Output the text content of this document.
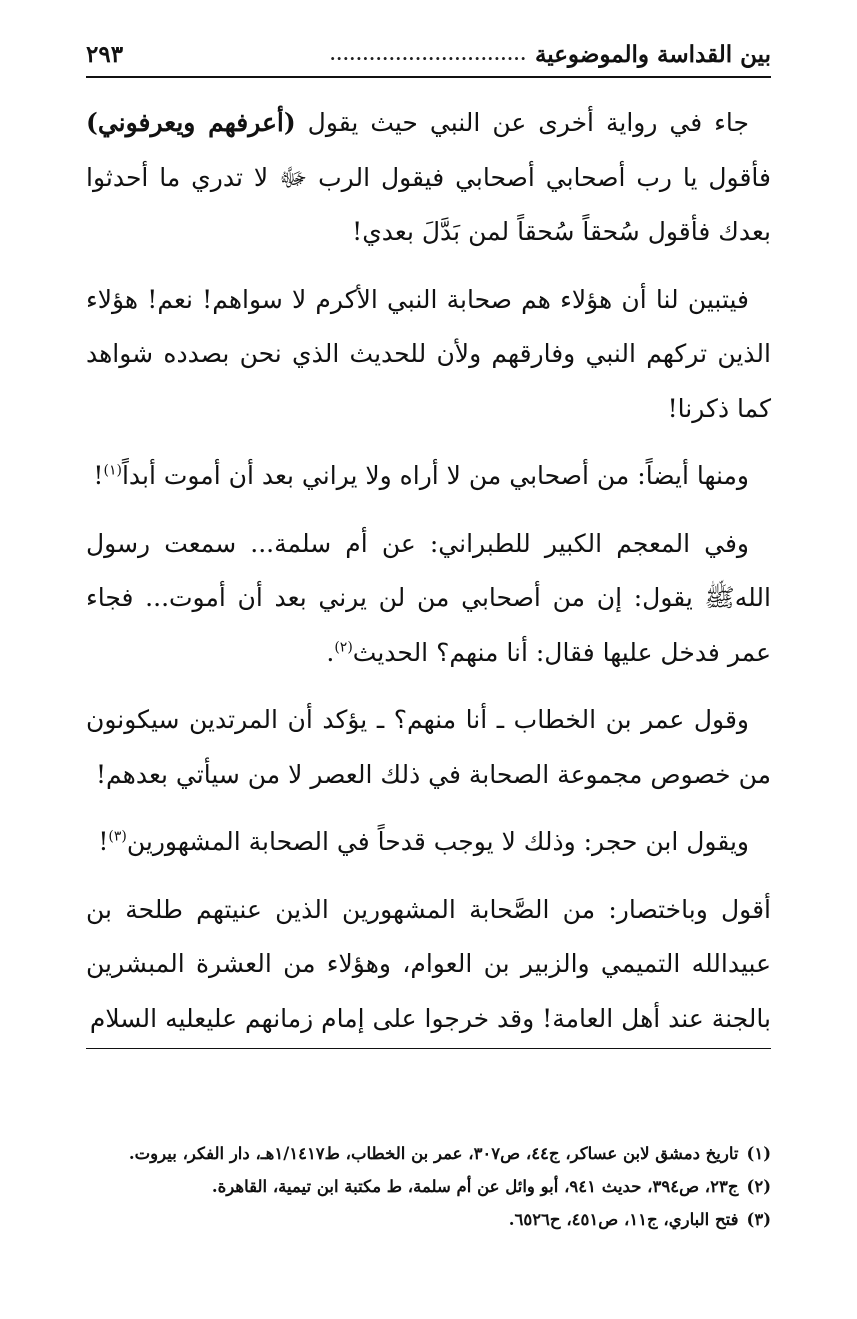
بين القداسة والموضوعية
..............................
٢٩٣

جاء في رواية أخرى عن النبي حيث يقول (أعرفهم ويعرفوني) فأقول يا رب أصحابي أصحابي فيقول الرب ﷻ لا تدري ما أحدثوا بعدك فأقول سُحقاً سُحقاً لمن بَدَّلَ بعدي!

فيتبين لنا أن هؤلاء هم صحابة النبي الأكرم لا سواهم! نعم! هؤلاء الذين تركهم النبي وفارقهم ولأن للحديث الذي نحن بصدده شواهد كما ذكرنا!

ومنها أيضاً: من أصحابي من لا أراه ولا يراني بعد أن أموت أبداً$^{(١)}$!

وفي المعجم الكبير للطبراني: عن أم سلمة... سمعت رسول اللهﷺ يقول: إن من أصحابي من لن يرني بعد أن أموت... فجاء عمر فدخل عليها فقال: أنا منهم؟ الحديث$^{(٢)}$.

وقول عمر بن الخطاب ـ أنا منهم؟ ـ يؤكد أن المرتدين سيكونون من خصوص مجموعة الصحابة في ذلك العصر لا من سيأتي بعدهم!

ويقول ابن حجر: وذلك لا يوجب قدحاً في الصحابة المشهورين$^{(٣)}$!

أقول وباختصار: من الصَّحابة المشهورين الذين عنيتهم طلحة بن عبيدالله التميمي والزبير بن العوام، وهؤلاء من العشرة المبشرين بالجنة عند أهل العامة! وقد خرجوا على إمام زمانهم عليعليه السلام

(١)تاريخ دمشق لابن عساكر، ج٤٤، ص٣٠٧، عمر بن الخطاب، ط١/١٤١٧هـ، دار الفكر، بيروت.
(٢)ج٢٣، ص٣٩٤، حديث ٩٤١، أبو وائل عن أم سلمة، ط مكتبة ابن تيمية، القاهرة.
(٣)فتح الباري، ج١١، ص٤٥١، ح٦٥٢٦.
